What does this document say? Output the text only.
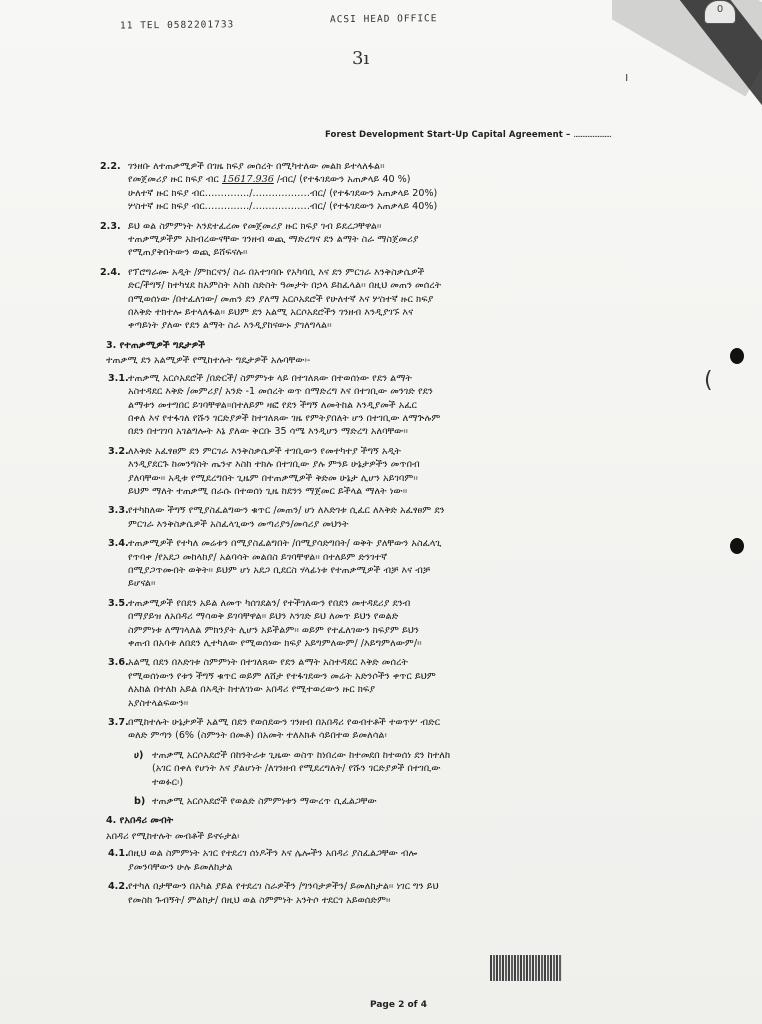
11 TEL 0582201733
ACSI HEAD OFFICE
0
3ı
ı
Forest Development Start-Up Capital Agreement – ......................
2.2. ገንዘቡ ለተጠቃሚዎች በገዜ ክፍያ መሰረት በሚካተለው መልክ ይተላለፋል።
የመጀመሪያ ዙር ክፍያ ብር 15617.936 /ብር/ (የተፋገደውን አጠቃላይ 40 %)
ሁለተኛ ዙር ክፍያ ብር…………../………………ብር/ (የተፋገደውን አጠቃላይ 20%)
ሦስተኛ ዙር ክፍያ ብር…………../………………ብር/ (የተፋገደውን አጠቃላይ 40%)
2.3. ይህ ወል ስምምነት እንደተፈረመ የመጀመሪያ ዙር ክፍያ ገብ ይደረጋቸዋል፡፡
ተጠቃሚዎችም አክብረውናቸው ገንዘብ ወጪ ማድረግና ደን ልማት ስራ ማስጀመሪያ
የሚጠያቅበትውን ወጪ ይሸፍናሉ፡፡
2.4. የፕሮግራሙ አዲት /ምክርናን/ ስራ በአተገባቡ የአካባቢ እና ደን ምርገራ እንቅስቃሴዎች
ድር/ችግኝ/ ከተካሄደ ከአምስት እስከ ስድስት ዓመታት በኃላ ይከፈላል፡፡ በዚህ መጠን መሰረት
በሚወሰነው /በተፈለገው/ መጠን ደን ያለማ አርሶአደሮች የሁለተኛ እና ሦስተኛ ዙር ክፍያ
በእቅድ ተክተሎ ይተላለፋል፡፡ ይህም ደን አልሚ አርሶአደሮችን ገንዘብ እንዲያገኙ እና
ቀጣይነት ያለው የደን ልማት ስራ እንዲያከናውኑ ያገለግላል፡፡
3. የተጠቃሚዎች ግዴታዎች
ተጠቃሚ ደን አልሚዎች የሚከተሉት ግዴታዎች አሉባቸው፡-
3.1. ተጠቃሚ አርሶአደሮች /በድርች/ ስምምነቱ ላይ በተገለጸው በተወሰነው የደን ልማት
አስተዳደር እቅድ /መምሪያ/ አንድ -1 መሰረት ወጥ በማድረግ እና በተገቢው መንገድ የደን
ልማቱን መተግበር ይገባቸዋል።በተለይም ዛፎ የደን ችግኝ ለመትከል እንዲያመች አፈር
በቀለ እና የተፋገለ የሹን ገርድያዎች ከተገለጸው ገዜ የምትያበለት ሆን በተገቢው ለማጕሉም
በደን በተገገባ አገልግሎት እኔ ያለው ቅርቡ 35 ሳሜ እንዲሆን ማድረግ አለባቸው፡፡
3.2. ለእቅድ አፈፃፀም ደን ምርገራ እንቅስቃሴዎች ተገቢውን የመተካተያ ችግኝ አዲት
እንዲያደርጉ ከመንግስት ጤንኖ እስከ ተክሉ በተገቢው ያሉ ምንይ ሁኔታዎችን መጥበብ
ያለባቸው፡፡ አዲቱ የሚደረግበት ጊዜም በተጠቃሚዎች ቅድመ ሁኔታ ሊሆን አይገባም፡፡
ይህም ማለት ተጠቃሚ በራሱ በተወሰነ ጊዜ ከደንን ማጀመር ይችላል ማለት ነው፡፡
3.3. የተካከለው ችግኝ የሚያስፈልግውን ቁጥር /መጠን/ ሆነ ለእድገቱ ሲፈር ለእቅድ አፈፃፀም ደን
ምርገራ እንቅስቃሴዎች አስፈላጊውን መጣሪያን/መሳሪያ መህንት
3.4. ተጠቃሚዎች የተካለ መሬቱን በሚያስፈልግበት /በሚያሳድግበት/ ወቅት ያለቸውን አስፈላጊ
የጥባቀ /የአደጋ መከላከያ/ አልባሳት መልበስ ይገባቸዋል፡፡ በተለይም ድንገተኛ
በሚያጋጥሙበት ወቅት፡፡ ይህም ሆነ አደጋ ቢደርስ ሃላፊነቱ የተጠቃሚዎች ብቻ እና ብቻ
ይሆናል፡፡
3.5. ተጠቃሚዎች የበደን አይል ለመጥ ካሰገደልን/ የተችገለውን የበደን መተዳደሪያ ደንብ
በማያይዝ ለአበዳሪ ማሳወቅ ይገባቸዋል፡፡ ይህን እንገድ ይህ ለመጥ ይህን የወልድ
ስምምነቱ ለማገላለል ምክንያት ሊሆን አይችልም፡፡ ወይም የተፈለገውን ክፍያም ይህን
ቀጠብ በአባቱ ለበደን ሊተካለው የሚወሰነው ክፍያ አይግምለውም/ /እይግምለውም/፡፡
3.6. አልሚ በደን በእድገቱ ስምምነት በተገለጸው የደን ልማት አስተዳደር እቅድ መሰረት
የሚወሰነውን የቱን ችግኝ ቁጥር ወይም ለሸታ የተፋገደውን መሬት አድንሶችን ቀጥር ይህም
ለአከል በተለከ አይል በእዲት ከተለገነው አበዳሪ የሚተወረውን ዙር ክፍያ
አያስተላልፍውን፡፡
3.7. በሚከተሉት ሁኔታዎች አልሚ በደን የወሰደውን ገንዘብ በአበዳሪ የወብተቶች ተወጥሦ ብድር
ወለድ ምጣን (6% (ስምንት በመቶ) በአመት ተለእክቶ ሳይበተወ ይመለሳል፡
ሀ) ተጠቃሚ አርሶአደሮች በከንትራቱ ጊዜው ወስጥ ከነበረው ከተመደበ ከተወሰነ ደን ከተለከ
(አገር በቀለ የሆነት እና ያልሆነት /ለገንዘብ የሚደረግለት/ የሹን ገርድያዎች በተገቢው
ተወፉር፡)
b) ተጠቃሚ አርሶአደሮች የወልድ ስምምነቱን ማውረጥ ሲፈልጋቸው
4. የአበዳሪ መብት
አበዳሪ የሚከተሉት መብቶች ይኖሩታል፡
4.1. በዚህ ወል ስምምነት አገር የተደረገ ሰነዶችን እና ሌሎችን አበዳሪ ያስፈልጋቸው ብሎ
ያመንባቸውን ሁሉ ይመለከታል
4.2. የተካለ በታቸውን በአካል ያይል የተደረገ ስራዎችን /ግንባታዎችን/ ይመለከታል፡፡ ነገር ግን ይህ
የመስከ ጉብኝት/ ምልከታ/ በዚህ ወል ስምምነት አንትሶ ተደርጎ አይወሰድም፡፡
(
Page 2 of 4
